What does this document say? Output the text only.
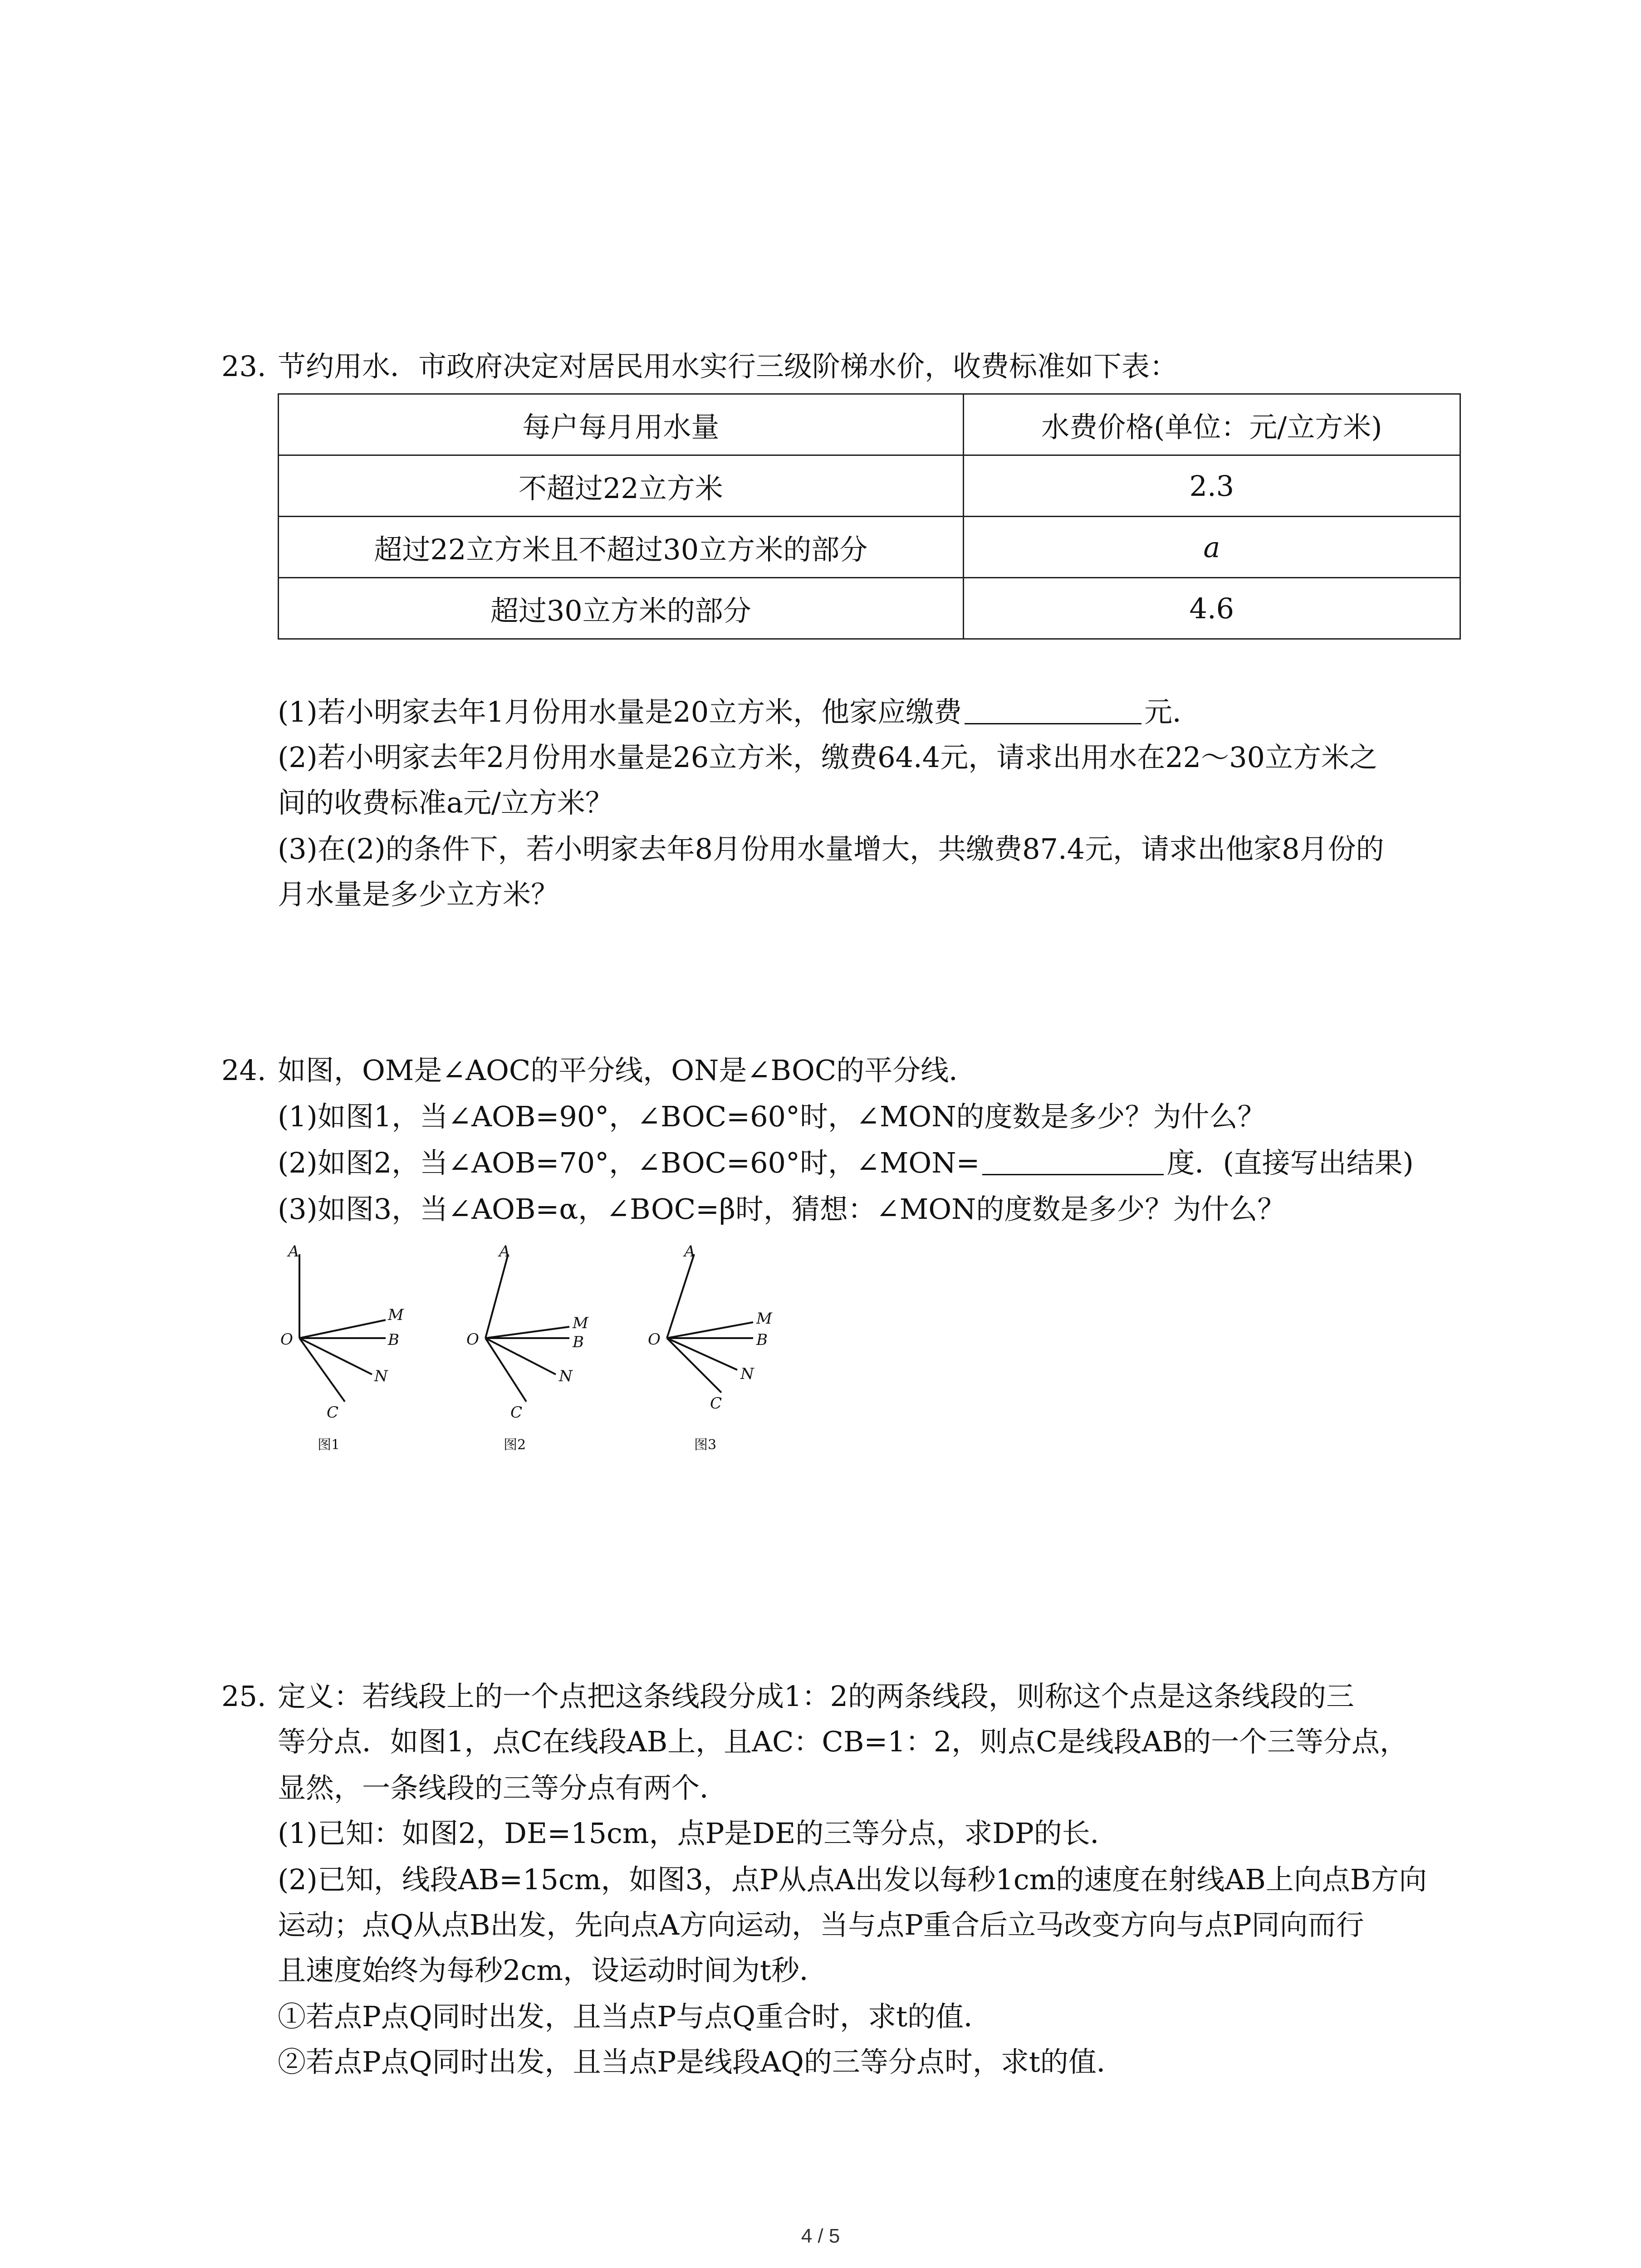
23. 节约用水．市政府决定对居民用水实行三级阶梯水价，收费标准如下表：
每户每月用水量	水费价格(单位：元/立方米)
不超过22立方米	2.3
超过22立方米且不超过30立方米的部分	a
超过30立方米的部分	4.6
(1)若小明家去年1月份用水量是20立方米，他家应缴费	元．
(2)若小明家去年2月份用水量是26立方米，缴费64.4元，请求出用水在22～30立方米之
间的收费标准a元/立方米？
(3)在(2)的条件下，若小明家去年8月份用水量增大，共缴费87.4元，请求出他家8月份的
月水量是多少立方米？
24. 如图，OM是∠AOC的平分线，ON是∠BOC的平分线．
(1)如图1，当∠AOB=90°，∠BOC=60°时，∠MON的度数是多少？为什么？
(2)如图2，当∠AOB=70°，∠BOC=60°时，∠MON=	度．(直接写出结果)
(3)如图3，当∠AOB=α，∠BOC=β时，猜想：∠MON的度数是多少？为什么？
A
M
O	B
N
C
图1
A
M
O	B
N
C
图2
A
M
O	B
N
C
图3
25. 定义：若线段上的一个点把这条线段分成1：2的两条线段，则称这个点是这条线段的三
等分点．如图1，点C在线段AB上，且AC：CB=1：2，则点C是线段AB的一个三等分点，
显然，一条线段的三等分点有两个．
(1)已知：如图2，DE=15cm，点P是DE的三等分点，求DP的长．
(2)已知，线段AB=15cm，如图3，点P从点A出发以每秒1cm的速度在射线AB上向点B方向
运动；点Q从点B出发，先向点A方向运动，当与点P重合后立马改变方向与点P同向而行
且速度始终为每秒2cm，设运动时间为t秒．
①若点P点Q同时出发，且当点P与点Q重合时，求t的值．
②若点P点Q同时出发，且当点P是线段AQ的三等分点时，求t的值．
4 / 5
